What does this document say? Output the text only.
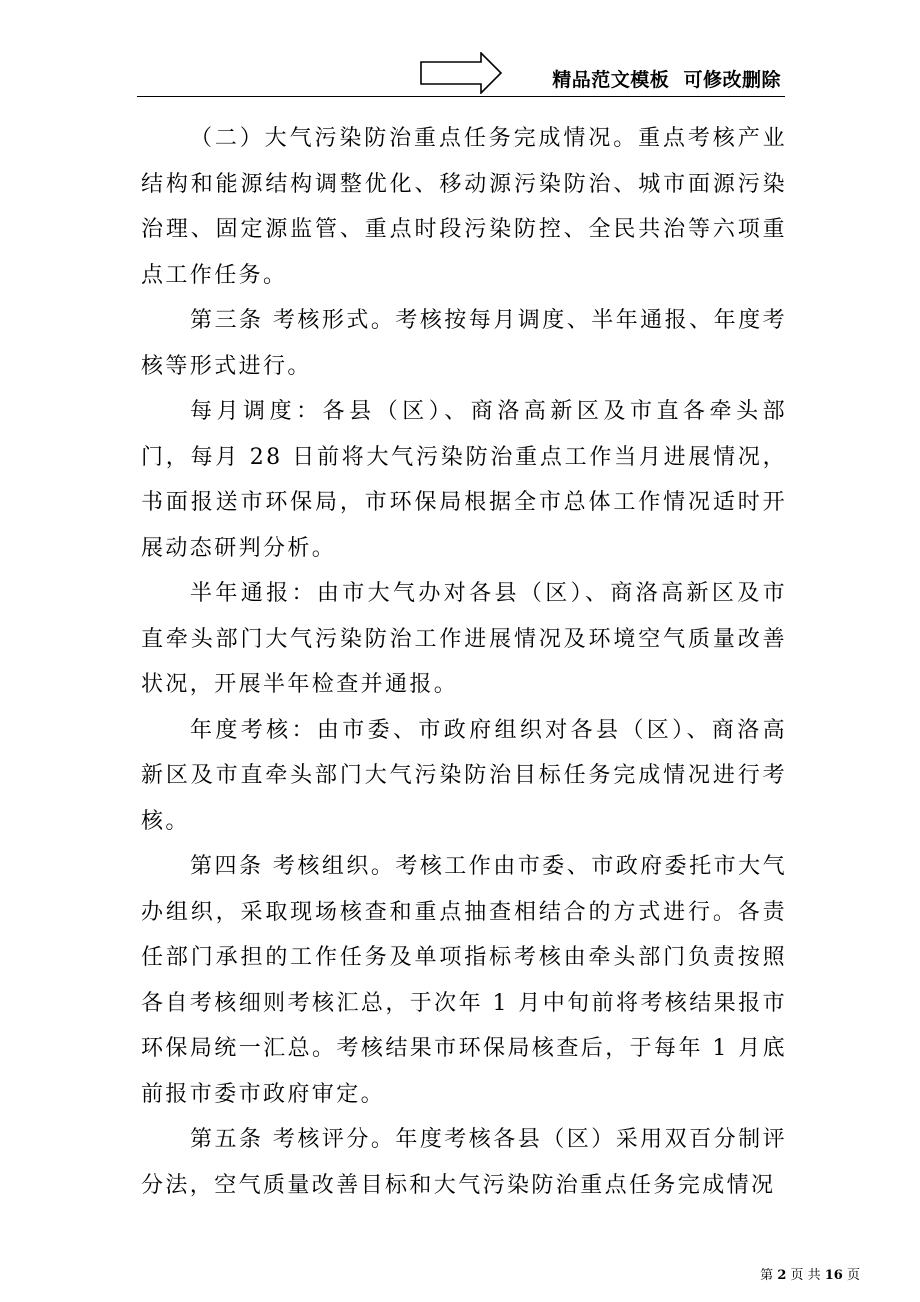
精品范文模板  可修改删除

（二）大气污染防治重点任务完成情况。重点考核产业结构和能源结构调整优化、移动源污染防治、城市面源污染治理、固定源监管、重点时段污染防控、全民共治等六项重点工作任务。

第三条 考核形式。考核按每月调度、半年通报、年度考核等形式进行。

每月调度：各县（区）、商洛高新区及市直各牵头部门，每月 28 日前将大气污染防治重点工作当月进展情况，书面报送市环保局，市环保局根据全市总体工作情况适时开展动态研判分析。

半年通报：由市大气办对各县（区）、商洛高新区及市直牵头部门大气污染防治工作进展情况及环境空气质量改善状况，开展半年检查并通报。

年度考核：由市委、市政府组织对各县（区）、商洛高新区及市直牵头部门大气污染防治目标任务完成情况进行考核。

第四条 考核组织。考核工作由市委、市政府委托市大气办组织，采取现场核查和重点抽查相结合的方式进行。各责任部门承担的工作任务及单项指标考核由牵头部门负责按照各自考核细则考核汇总，于次年 1 月中旬前将考核结果报市环保局统一汇总。考核结果市环保局核查后，于每年 1 月底前报市委市政府审定。

第五条 考核评分。年度考核各县（区）采用双百分制评分法，空气质量改善目标和大气污染防治重点任务完成情况

第 2 页 共 16 页
